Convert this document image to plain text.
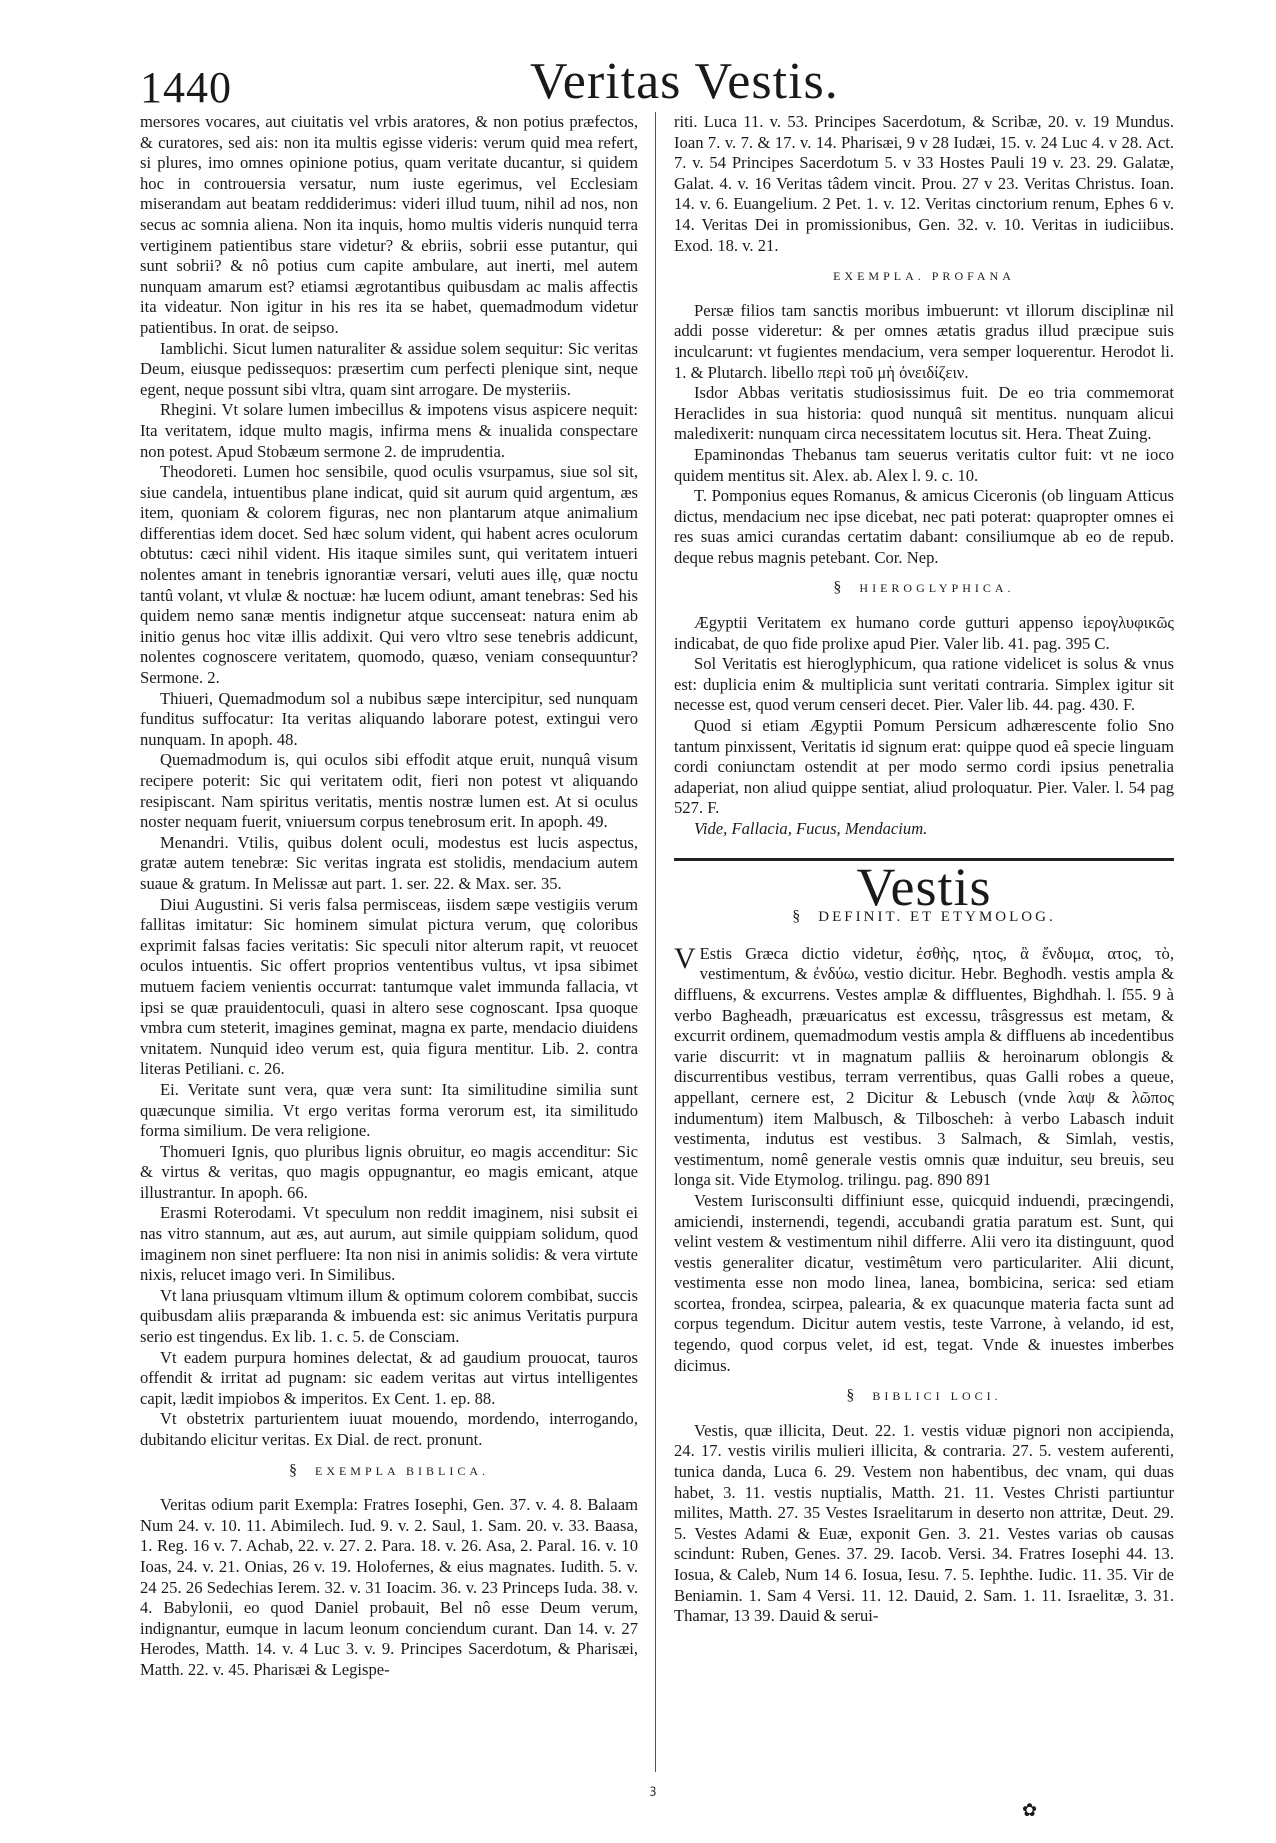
1440	Veritas Vestis.

mersores vocares, aut ciuitatis vel vrbis aratores, & non potius præfectos, & curatores, sed ais: non ita multis egisse videris: verum quid mea refert, si plures, imo omnes opinione potius, quam veritate ducantur, si quidem hoc in controuersia versatur, num iuste egerimus, vel Ecclesiam miserandam aut beatam reddiderimus: videri illud tuum, nihil ad nos, non secus ac somnia aliena. Non ita inquis, homo multis videris nunquid terra vertiginem patientibus stare videtur? & ebriis, sobrii esse putantur, qui sunt sobrii? & nô potius cum capite ambulare, aut inerti, mel autem nunquam amarum est? etiamsi ægrotantibus quibusdam ac malis affectis ita videatur. Non igitur in his res ita se habet, quemadmodum videtur patientibus. In orat. de seipso.

Iamblichi. Sicut lumen naturaliter & assidue solem sequitur: Sic veritas Deum, eiusque pedissequos: præsertim cum perfecti plenique sint, neque egent, neque possunt sibi vltra, quam sint arrogare. De mysteriis.

Rhegini. Vt solare lumen imbecillus & impotens visus aspicere nequit: Ita veritatem, idque multo magis, infirma mens & inualida conspectare non potest. Apud Stobæum sermone 2. de imprudentia.

Theodoreti. Lumen hoc sensibile, quod oculis vsurpamus, siue sol sit, siue candela, intuentibus plane indicat, quid sit aurum quid argentum, æs item, quoniam & colorem figuras, nec non plantarum atque animalium differentias idem docet. Sed hæc solum vident, qui habent acres oculorum obtutus: cæci nihil vident. His itaque similes sunt, qui veritatem intueri nolentes amant in tenebris ignorantiæ versari, veluti aues illę, quæ noctu tantû volant, vt vlulæ & noctuæ: hæ lucem odiunt, amant tenebras: Sed his quidem nemo sanæ mentis indignetur atque succenseat: natura enim ab initio genus hoc vitæ illis addixit. Qui vero vltro sese tenebris addicunt, nolentes cognoscere veritatem, quomodo, quæso, veniam consequuntur? Sermone. 2.

Thiueri, Quemadmodum sol a nubibus sæpe intercipitur, sed nunquam funditus suffocatur: Ita veritas aliquando laborare potest, extingui vero nunquam. In apoph. 48.

Quemadmodum is, qui oculos sibi effodit atque eruit, nunquâ visum recipere poterit: Sic qui veritatem odit, fieri non potest vt aliquando resipiscant. Nam spiritus veritatis, mentis nostræ lumen est. At si oculus noster nequam fuerit, vniuersum corpus tenebrosum erit. In apoph. 49.

Menandri. Vtilis, quibus dolent oculi, modestus est lucis aspectus, gratæ autem tenebræ: Sic veritas ingrata est stolidis, mendacium autem suaue & gratum. In Melissæ aut part. 1. ser. 22. & Max. ser. 35.

Diui Augustini. Si veris falsa permisceas, iisdem sæpe vestigiis verum fallitas imitatur: Sic hominem simulat pictura verum, quę coloribus exprimit falsas facies veritatis: Sic speculi nitor alterum rapit, vt reuocet oculos intuentis. Sic offert proprios vententibus vultus, vt ipsa sibimet mutuem faciem venientis occurrat: tantumque valet immunda fallacia, vt ipsi se quæ prauidentoculi, quasi in altero sese cognoscant. Ipsa quoque vmbra cum steterit, imagines geminat, magna ex parte, mendacio diuidens vnitatem. Nunquid ideo verum est, quia figura mentitur. Lib. 2. contra literas Petiliani. c. 26.

Ei. Veritate sunt vera, quæ vera sunt: Ita similitudine similia sunt quæcunque similia. Vt ergo veritas forma verorum est, ita similitudo forma similium. De vera religione.

Thomueri Ignis, quo pluribus lignis obruitur, eo magis accenditur: Sic & virtus & veritas, quo magis oppugnantur, eo magis emicant, atque illustrantur. In apoph. 66.

Erasmi Roterodami. Vt speculum non reddit imaginem, nisi subsit ei nas vitro stannum, aut æs, aut aurum, aut simile quippiam solidum, quod imaginem non sinet perfluere: Ita non nisi in animis solidis: & vera virtute nixis, relucet imago veri. In Similibus.

Vt lana priusquam vltimum illum & optimum colorem combibat, succis quibusdam aliis præparanda & imbuenda est: sic animus Veritatis purpura serio est tingendus. Ex lib. 1. c. 5. de Consciam.

Vt eadem purpura homines delectat, & ad gaudium prouocat, tauros offendit & irritat ad pugnam: sic eadem veritas aut virtus intelligentes capit, lædit impiobos & imperitos. Ex Cent. 1. ep. 88.

Vt obstetrix parturientem iuuat mouendo, mordendo, interrogando, dubitando elicitur veritas. Ex Dial. de rect. pronunt.

§ EXEMPLA BIBLICA.

Veritas odium parit Exempla: Fratres Iosephi, Gen. 37. v. 4. 8. Balaam Num 24. v. 10. 11. Abimilech. Iud. 9. v. 2. Saul, 1. Sam. 20. v. 33. Baasa, 1. Reg. 16 v. 7. Achab, 22. v. 27. 2. Para. 18. v. 26. Asa, 2. Paral. 16. v. 10 Ioas, 24. v. 21. Onias, 26 v. 19. Holofernes, & eius magnates. Iudith. 5. v. 24 25. 26 Sedechias Ierem. 32. v. 31 Ioacim. 36. v. 23 Princeps Iuda. 38. v. 4. Babylonii, eo quod Daniel probauit, Bel nô esse Deum verum, indignantur, eumque in lacum leonum conciendum curant. Dan 14. v. 27 Herodes, Matth. 14. v. 4 Luc 3. v. 9. Principes Sacerdotum, & Pharisæi, Matth. 22. v. 45. Pharisæi & Legispe-

riti. Luca 11. v. 53. Principes Sacerdotum, & Scribæ, 20. v. 19 Mundus. Ioan 7. v. 7. & 17. v. 14. Pharisæi, 9 v 28 Iudæi, 15. v. 24 Luc 4. v 28. Act. 7. v. 54 Principes Sacerdotum 5. v 33 Hostes Pauli 19 v. 23. 29. Galatæ, Galat. 4. v. 16 Veritas tâdem vincit. Prou. 27 v 23. Veritas Christus. Ioan. 14. v. 6. Euangelium. 2 Pet. 1. v. 12. Veritas cinctorium renum, Ephes 6 v. 14. Veritas Dei in promissionibus, Gen. 32. v. 10. Veritas in iudiciibus. Exod. 18. v. 21.

EXEMPLA. PROFANA

Persæ filios tam sanctis moribus imbuerunt: vt illorum disciplinæ nil addi posse videretur: & per omnes ætatis gradus illud præcipue suis inculcarunt: vt fugientes mendacium, vera semper loquerentur. Herodot li. 1. & Plutarch. libello περὶ τοῦ μὴ ὀνειδίζειν.

Isdor Abbas veritatis studiosissimus fuit. De eo tria commemorat Heraclides in sua historia: quod nunquâ sit mentitus. nunquam alicui maledixerit: nunquam circa necessitatem locutus sit. Hera. Theat Zuing.

Epaminondas Thebanus tam seuerus veritatis cultor fuit: vt ne ioco quidem mentitus sit. Alex. ab. Alex l. 9. c. 10.

T. Pomponius eques Romanus, & amicus Ciceronis (ob linguam Atticus dictus, mendacium nec ipse dicebat, nec pati poterat: quapropter omnes ei res suas amici curandas certatim dabant: consiliumque ab eo de repub. deque rebus magnis petebant. Cor. Nep.

§ HIEROGLYPHICA.

Ægyptii Veritatem ex humano corde gutturi appenso ἱερογλυφικῶς indicabat, de quo fide prolixe apud Pier. Valer lib. 41. pag. 395 C.

Sol Veritatis est hieroglyphicum, qua ratione videlicet is solus & vnus est: duplicia enim & multiplicia sunt veritati contraria. Simplex igitur sit necesse est, quod verum censeri decet. Pier. Valer lib. 44. pag. 430. F.

Quod si etiam Ægyptii Pomum Persicum adhærescente folio Sno tantum pinxissent, Veritatis id signum erat: quippe quod eâ specie linguam cordi coniunctam ostendit at per modo sermo cordi ipsius penetralia adaperiat, non aliud quippe sentiat, aliud proloquatur. Pier. Valer. l. 54 pag 527. F.

Vide, Fallacia, Fucus, Mendacium.

Vestis
§ DEFINIT. ET ETYMOLOG.

V Estis Græca dictio videtur, ἐσθὴς, ητος, ἃ ἔνδυμα, ατος, τὸ, vestimentum, & ἐνδύω, vestio dicitur. Hebr. Beghodh. vestis ampla & diffluens, & excurrens. Vestes amplæ & diffluentes, Bighdhah. l. ſ55. 9 à verbo Bagheadh, præuaricatus est excessu, trâsgressus est metam, & excurrit ordinem, quemadmodum vestis ampla & diffluens ab incedentibus varie discurrit: vt in magnatum palliis & heroinarum oblongis & discurrentibus vestibus, terram verrentibus, quas Galli robes a queue, appellant, cernere est, 2 Dicitur & Lebusch (vnde λαψ & λῶπος indumentum) item Malbusch, & Tilboscheh: à verbo Labasch induit vestimenta, indutus est vestibus. 3 Salmach, & Simlah, vestis, vestimentum, nomê generale vestis omnis quæ induitur, seu breuis, seu longa sit. Vide Etymolog. trilingu. pag. 890 891

Vestem Iurisconsulti diffiniunt esse, quicquid induendi, præcingendi, amiciendi, insternendi, tegendi, accubandi gratia paratum est. Sunt, qui velint vestem & vestimentum nihil differre. Alii vero ita distinguunt, quod vestis generaliter dicatur, vestimêtum vero particulariter. Alii dicunt, vestimenta esse non modo linea, lanea, bombicina, serica: sed etiam scortea, frondea, scirpea, palearia, & ex quacunque materia facta sunt ad corpus tegendum. Dicitur autem vestis, teste Varrone, à velando, id est, tegendo, quod corpus velet, id est, tegat. Vnde & inuestes imberbes dicimus.

§ BIBLICI LOCI.

Vestis, quæ illicita, Deut. 22. 1. vestis viduæ pignori non accipienda, 24. 17. vestis virilis mulieri illicita, & contraria. 27. 5. vestem auferenti, tunica danda, Luca 6. 29. Vestem non habentibus, dec vnam, qui duas habet, 3. 11. vestis nuptialis, Matth. 21. 11. Vestes Christi partiuntur milites, Matth. 27. 35 Vestes Israelitarum in deserto non attritæ, Deut. 29. 5. Vestes Adami & Euæ, exponit Gen. 3. 21. Vestes varias ob causas scindunt: Ruben, Genes. 37. 29. Iacob. Versi. 34. Fratres Iosephi 44. 13. Iosua, & Caleb, Num 14 6. Iosua, Iesu. 7. 5. Iephthe. Iudic. 11. 35. Vir de Beniamin. 1. Sam 4 Versi. 11. 12. Dauid, 2. Sam. 1. 11. Israelitæ, 3. 31. Thamar, 13 39. Dauid & serui-

ꝫ
✿
